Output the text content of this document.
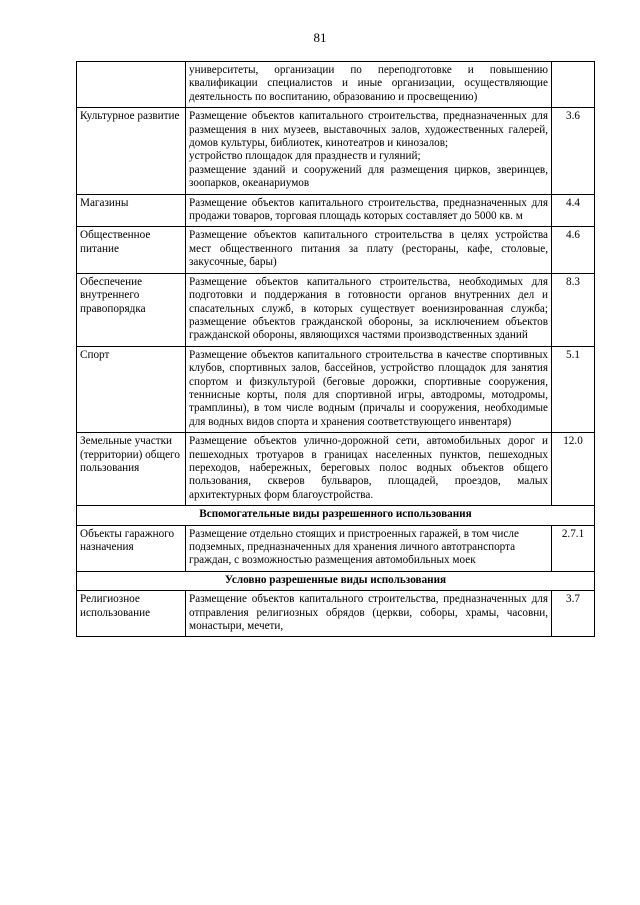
81

	университеты, организации по переподготовке и повышению квалификации специалистов и иные организации, осуществляющие деятельность по воспитанию, образованию и просвещению)	

Культурное развитие	Размещение объектов капитального строительства, предназначенных для размещения в них музеев, выставочных залов, художественных галерей, домов культуры, библиотек, кинотеатров и кинозалов;
устройство площадок для празднеств и гуляний;
размещение зданий и сооружений для размещения цирков, зверинцев, зоопарков, океанариумов	3.6
Магазины	Размещение объектов капитального строительства, предназначенных для продажи товаров, торговая площадь которых составляет до 5000 кв. м	4.4
Общественное питание	Размещение объектов капитального строительства в целях устройства мест общественного питания за плату (рестораны, кафе, столовые, закусочные, бары)	4.6
Обеспечение внутреннего правопорядка	Размещение объектов капитального строительства, необходимых для подготовки и поддержания в готовности органов внутренних дел и спасательных служб, в которых существует военизированная служба; размещение объектов гражданской обороны, за исключением объектов гражданской обороны, являющихся частями производственных зданий	8.3
Спорт	Размещение объектов капитального строительства в качестве спортивных клубов, спортивных залов, бассейнов, устройство площадок для занятия спортом и физкультурой (беговые дорожки, спортивные сооружения, теннисные корты, поля для спортивной игры, автодромы, мотодромы, трамплины), в том числе водным (причалы и сооружения, необходимые для водных видов спорта и хранения соответствующего инвентаря)	5.1
Земельные участки (территории) общего пользования	Размещение объектов улично-дорожной сети, автомобильных дорог и пешеходных тротуаров в границах населенных пунктов, пешеходных переходов, набережных, береговых полос водных объектов общего пользования, скверов бульваров, площадей, проездов, малых архитектурных форм благоустройства.	12.0
Вспомогательные виды разрешенного использования		
Объекты гаражного назначения	Размещение отдельно стоящих и пристроенных гаражей, в том числе подземных, предназначенных для хранения личного автотранспорта граждан, с возможностью размещения автомобильных моек	2.7.1
Условно разрешенные виды использования		
Религиозное использование	Размещение объектов капитального строительства, предназначенных для отправления религиозных обрядов (церкви, соборы, храмы, часовни, монастыри, мечети,	3.7
